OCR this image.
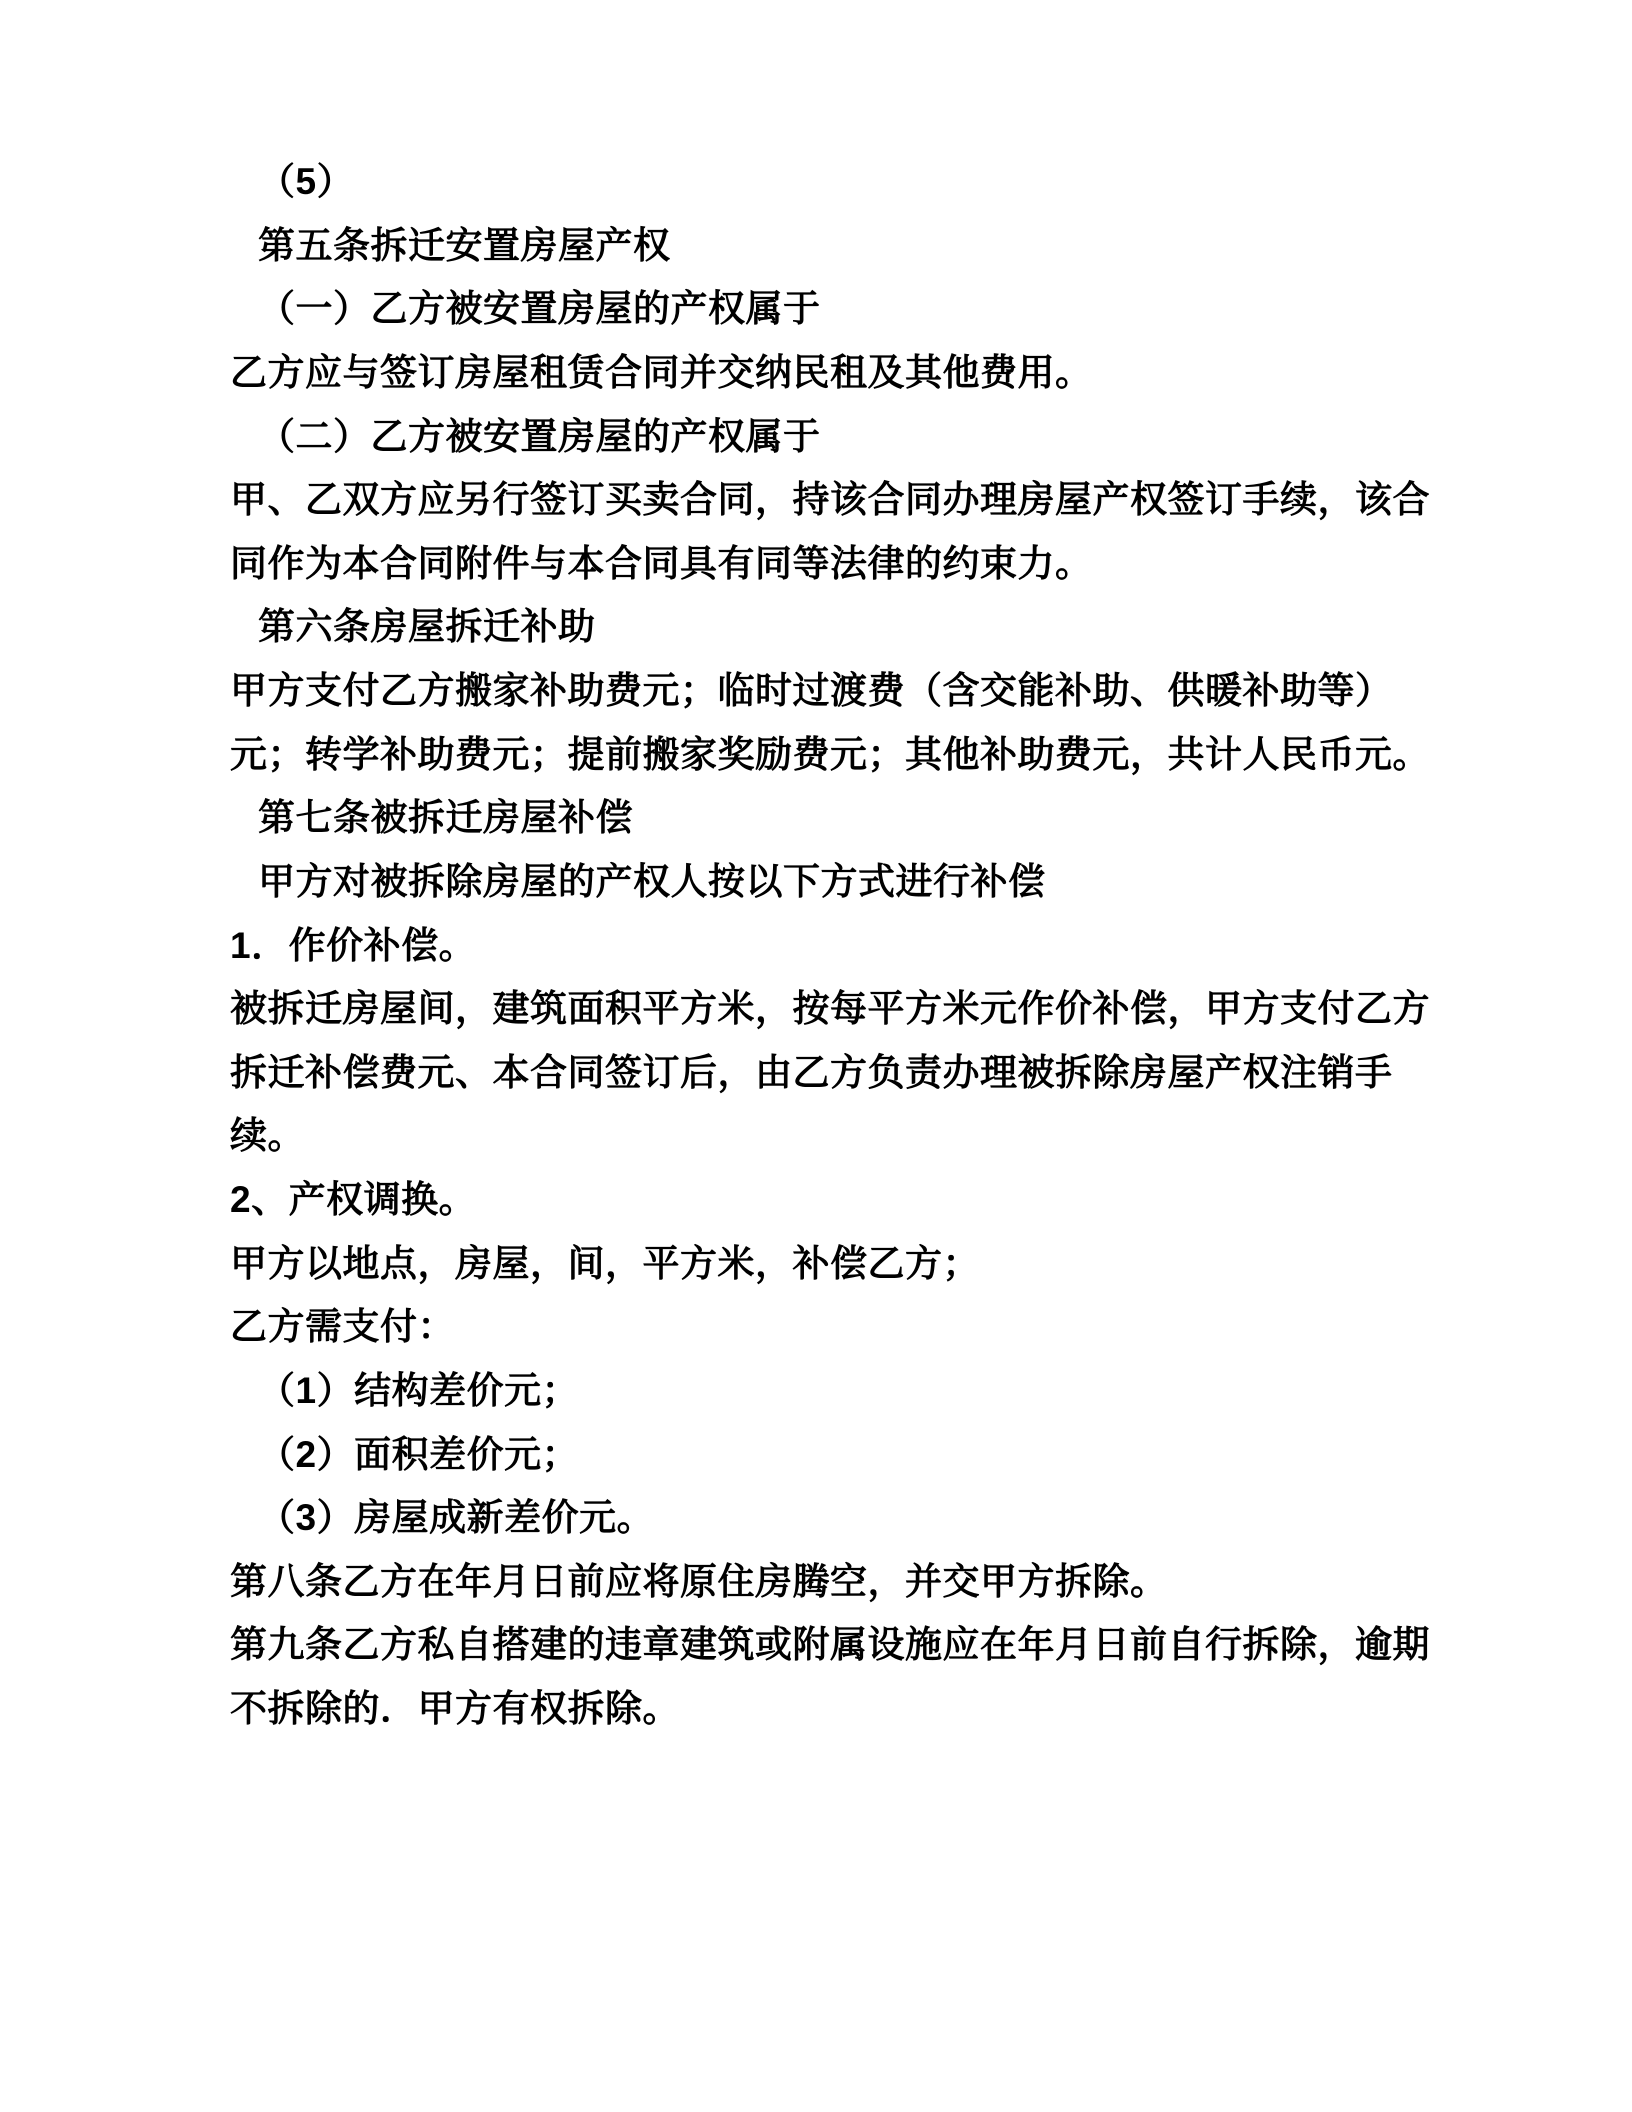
（5）

第五条拆迁安置房屋产权

（一）乙方被安置房屋的产权属于

乙方应与签订房屋租赁合同并交纳民租及其他费用。

（二）乙方被安置房屋的产权属于

甲、乙双方应另行签订买卖合同，持该合同办理房屋产权签订手续，该合同作为本合同附件与本合同具有同等法律的约束力。

第六条房屋拆迁补助

甲方支付乙方搬家补助费元；临时过渡费（含交能补助、供暖补助等）元；转学补助费元；提前搬家奖励费元；其他补助费元，共计人民币元。

第七条被拆迁房屋补偿

甲方对被拆除房屋的产权人按以下方式进行补偿

1．作价补偿。

被拆迁房屋间，建筑面积平方米，按每平方米元作价补偿，甲方支付乙方拆迁补偿费元、本合同签订后，由乙方负责办理被拆除房屋产权注销手续。

2、产权调换。

甲方以地点，房屋，间，平方米，补偿乙方；

乙方需支付：

（1）结构差价元；

（2）面积差价元；

（3）房屋成新差价元。

第八条乙方在年月日前应将原住房腾空，并交甲方拆除。

第九条乙方私自搭建的违章建筑或附属设施应在年月日前自行拆除，逾期不拆除的．甲方有权拆除。
